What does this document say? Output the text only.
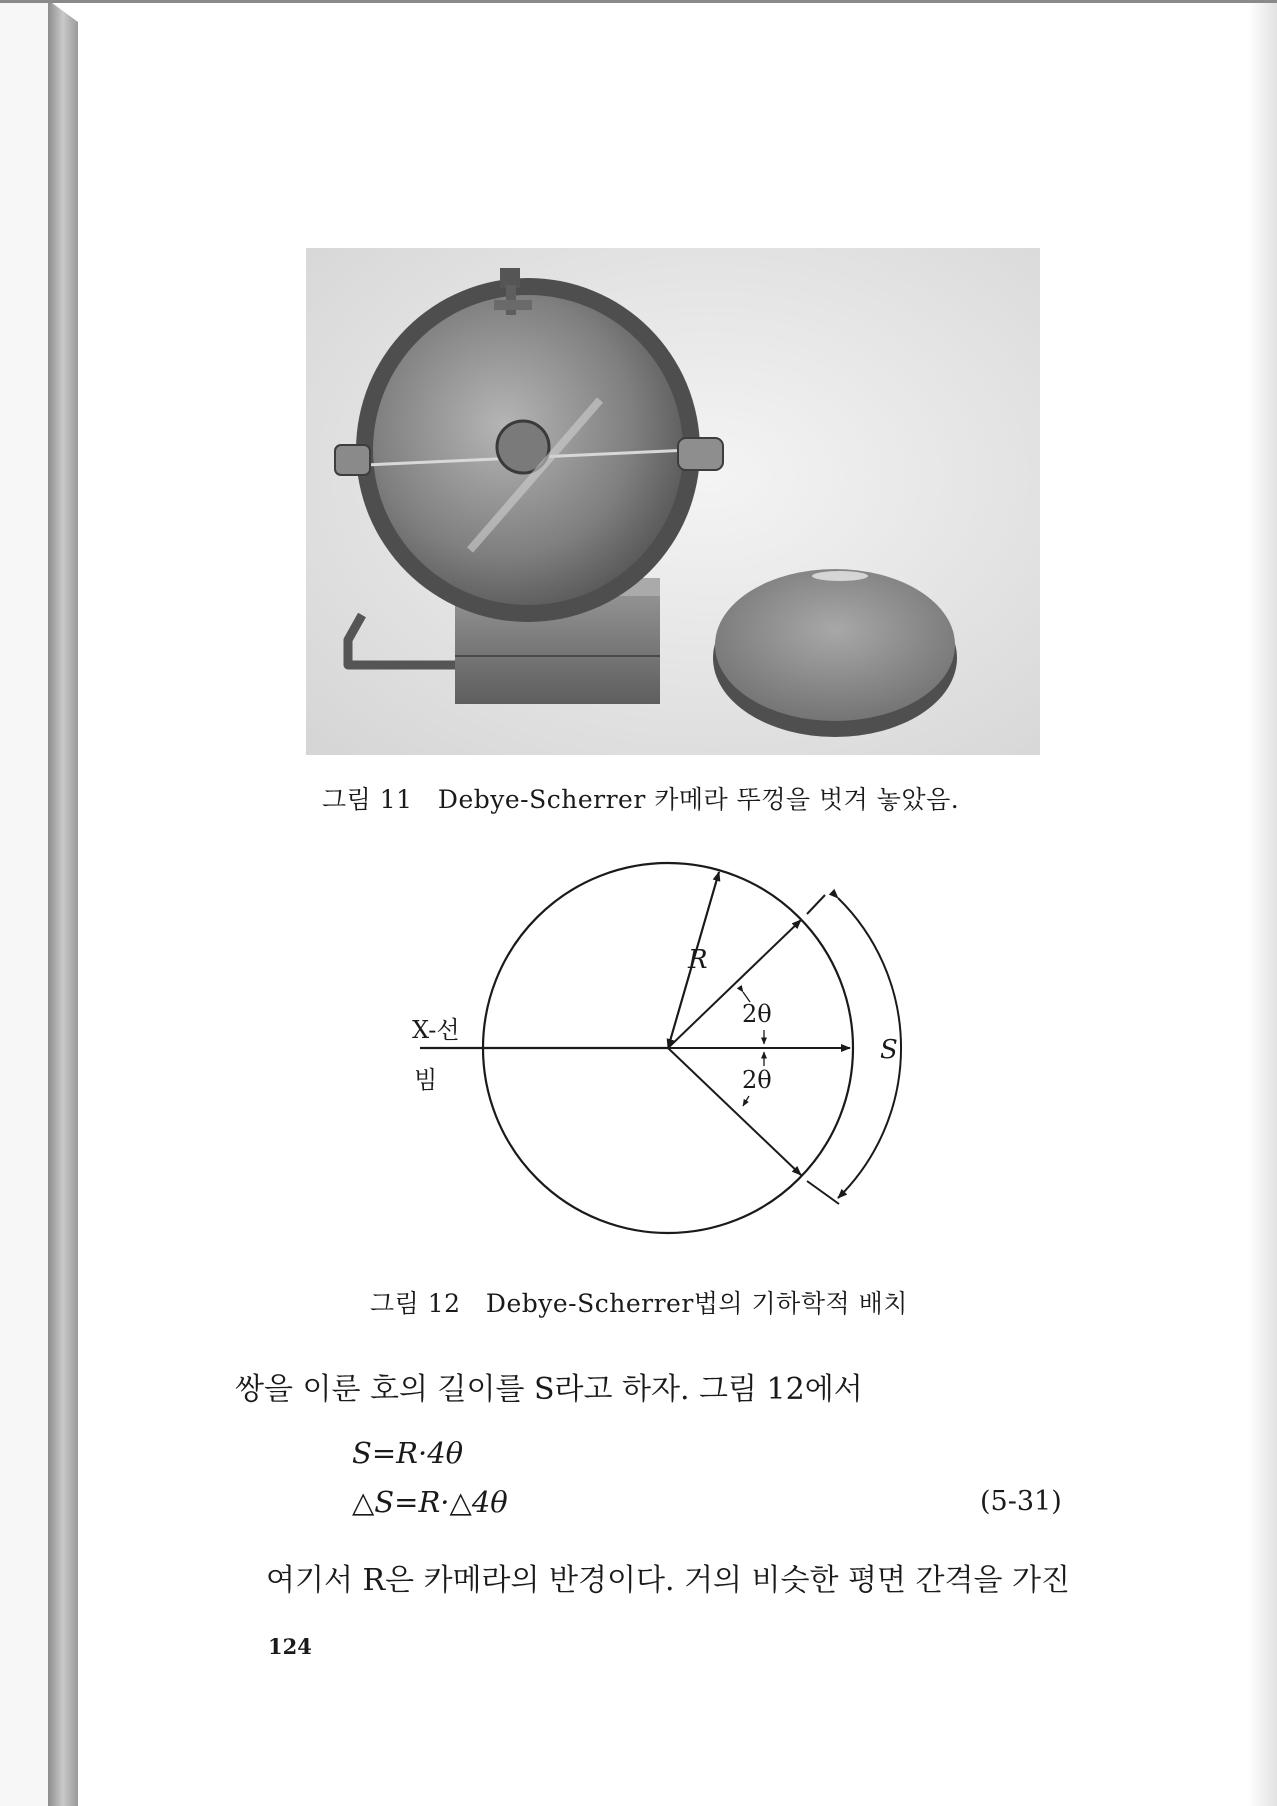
R
2θ
2θ
S
X-선
빔
그림 11 Debye-Scherrer 카메라 뚜껑을 벗겨 놓았음.
그림 12 Debye-Scherrer법의 기하학적 배치
쌍을 이룬 호의 길이를 S라고 하자. 그림 12에서
S=R·4θ
△S=R·△4θ	(5-31)
여기서 R은 카메라의 반경이다. 거의 비슷한 평면 간격을 가진
124
